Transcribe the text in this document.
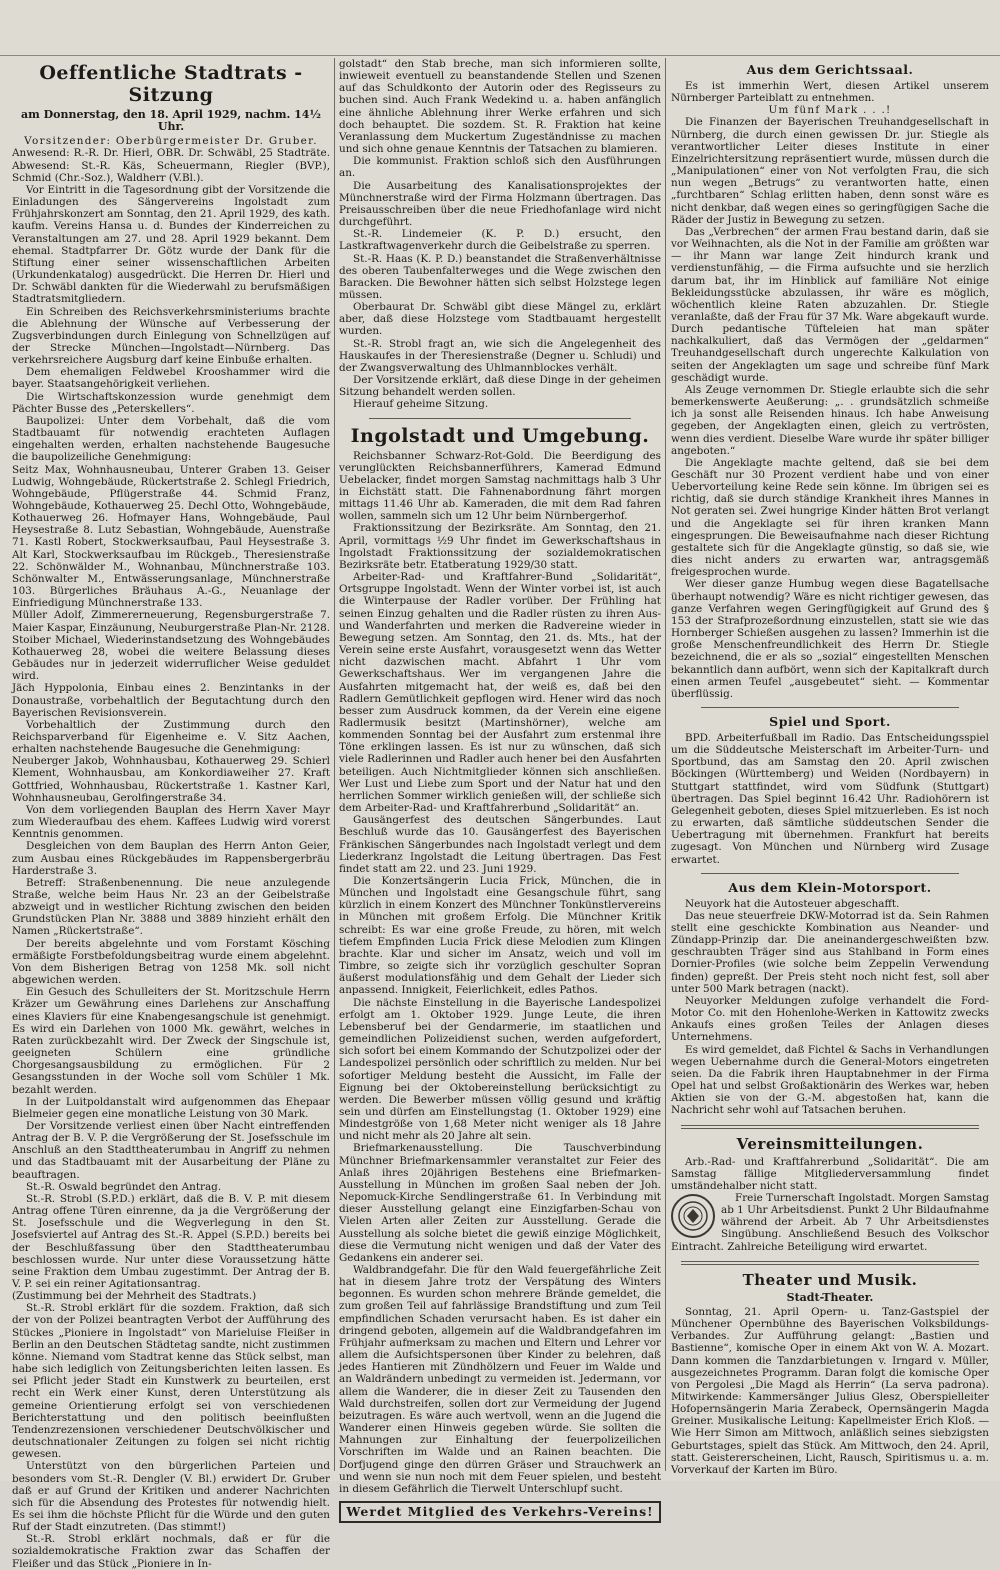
Oeffentliche Stadtrats - Sitzung
am Donnerstag, den 18. April 1929, nachm. 14½ Uhr.

Vorsitzender: Oberbürgermeister Dr. Gruber.

Anwesend: R.-R. Dr. Hierl, OBR. Dr. Schwäbl, 25 Stadträte. Abwesend: St.-R. Käs, Scheuermann, Riegler (BVP.), Schmid (Chr.-Soz.), Waldherr (V.Bl.).

Vor Eintritt in die Tagesordnung gibt der Vorsitzende die Einladungen des Sängervereins Ingolstadt zum Frühjahrskonzert am Sonntag, den 21. April 1929, des kath. kaufm. Vereins Hansa u. d. Bundes der Kinderreichen zu Veranstaltungen am 27. und 28. April 1929 bekannt. Dem ehemal. Stadtpfarrer Dr. Götz wurde der Dank für die Stiftung einer seiner wissenschaftlichen Arbeiten (Urkundenkatalog) ausgedrückt. Die Herren Dr. Hierl und Dr. Schwäbl dankten für die Wiederwahl zu berufsmäßigen Stadtratsmitgliedern.

Ein Schreiben des Reichsverkehrsministeriums brachte die Ablehnung der Wünsche auf Verbesserung der Zugsverbindungen durch Einlegung von Schnellzügen auf der Strecke München—Ingolstadt—Nürnberg. Das verkehrsreichere Augsburg darf keine Einbuße erhalten.

Dem ehemaligen Feldwebel Krooshammer wird die bayer. Staatsangehörigkeit verliehen.

Die Wirtschaftskonzession wurde genehmigt dem Pächter Busse des „Peterskellers“.

Baupolizei: Unter dem Vorbehalt, daß die vom Stadtbauamt für notwendig erachteten Auflagen eingehalten werden, erhalten nachstehende Baugesuche die baupolizeiliche Genehmigung:

Seitz Max, Wohnhausneubau, Unterer Graben 13. Geiser Ludwig, Wohngebäude, Rückertstraße 2. Schlegl Friedrich, Wohngebäude, Pflügerstraße 44. Schmid Franz, Wohngebäude, Kothauerweg 25. Dechl Otto, Wohngebäude, Kothauerweg 26. Hofmayer Hans, Wohngebäude, Paul Heysestraße 8. Lutz Sebastian, Wohngebäude, Auenstraße 71. Kastl Robert, Stockwerksaufbau, Paul Heysestraße 3. Alt Karl, Stockwerksaufbau im Rückgeb., Theresienstraße 22. Schönwälder M., Wohnanbau, Münchnerstraße 103. Schönwalter M., Entwässerungsanlage, Münchnerstraße 103. Bürgerliches Bräuhaus A.-G., Neuanlage der Einfriedigung Münchnerstraße 133.

Müller Adolf, Zimmererneuerung, Regensburgerstraße 7. Maier Kaspar, Einzäunung, Neuburgerstraße Plan-Nr. 2128. Stoiber Michael, Wiederinstandsetzung des Wohngebäudes Kothauerweg 28, wobei die weitere Belassung dieses Gebäudes nur in jederzeit widerruflicher Weise geduldet wird.

Jäch Hyppolonia, Einbau eines 2. Benzintanks in der Donaustraße, vorbehaltlich der Begutachtung durch den Bayerischen Revisionsverein.

Vorbehaltlich der Zustimmung durch den Reichsparverband für Eigenheime e. V. Sitz Aachen, erhalten nachstehende Baugesuche die Genehmigung:

Neuberger Jakob, Wohnhausbau, Kothauerweg 29. Schierl Klement, Wohnhausbau, am Konkordiaweiher 27. Kraft Gottfried, Wohnhausbau, Rückertstraße 1. Kastner Karl, Wohnhausneubau, Gerolfingerstraße 34.

Von dem vorliegenden Bauplan des Herrn Xaver Mayr zum Wiederaufbau des ehem. Kaffees Ludwig wird vorerst Kenntnis genommen.

Desgleichen von dem Bauplan des Herrn Anton Geier, zum Ausbau eines Rückgebäudes im Rappensbergerbräu Harderstraße 3.

Betreff: Straßenbenennung. Die neue anzulegende Straße, welche beim Haus Nr. 23 an der Geibelstraße abzweigt und in westlicher Richtung zwischen den beiden Grundstücken Plan Nr. 3888 und 3889 hinzieht erhält den Namen „Rückertstraße“.

Der bereits abgelehnte und vom Forstamt Kösching ermäßigte Forstbefoldungsbeitrag wurde einem abgelehnt. Von dem Bisherigen Betrag von 1258 Mk. soll nicht abgewichen werden.

Ein Gesuch des Schulleiters der St. Moritzschule Herrn Kräzer um Gewährung eines Darlehens zur Anschaffung eines Klaviers für eine Knabengesangschule ist genehmigt. Es wird ein Darlehen von 1000 Mk. gewährt, welches in Raten zurückbezahlt wird. Der Zweck der Singschule ist, geeigneten Schülern eine gründliche Chorgesangsausbildung zu ermöglichen. Für 2 Gesangsstunden in der Woche soll vom Schüler 1 Mk. bezahlt werden.

In der Luitpoldanstalt wird aufgenommen das Ehepaar Bielmeier gegen eine monatliche Leistung von 30 Mark.

Der Vorsitzende verliest einen über Nacht eintreffenden Antrag der B. V. P. die Vergrößerung der St. Josefsschule im Anschluß an den Stadttheaterumbau in Angriff zu nehmen und das Stadtbauamt mit der Ausarbeitung der Pläne zu beauftragen.

St.-R. Oswald begründet den Antrag.

St.-R. Strobl (S.P.D.) erklärt, daß die B. V. P. mit diesem Antrag offene Türen einrenne, da ja die Vergrößerung der St. Josefsschule und die Wegverlegung in den St. Josefsviertel auf Antrag des St.-R. Appel (S.P.D.) bereits bei der Beschlußfassung über den Stadttheaterumbau beschlossen wurde. Nur unter diese Voraussetzung hätte seine Fraktion dem Umbau zugestimmt. Der Antrag der B. V. P. sei ein reiner Agitationsantrag.

(Zustimmung bei der Mehrheit des Stadtrats.)

St.-R. Strobl erklärt für die sozdem. Fraktion, daß sich der von der Polizei beantragten Verbot der Aufführung des Stückes „Pioniere in Ingolstadt“ von Marieluise Fleißer in Berlin an den Deutschen Städtetag sandte, nicht zustimmen könne. Niemand vom Stadtrat kenne das Stück selbst, man habe sich lediglich von Zeitungsberichten leiten lassen. Es sei Pflicht jeder Stadt ein Kunstwerk zu beurteilen, erst recht ein Werk einer Kunst, deren Unterstützung als gemeine Orientierung erfolgt sei von verschiedenen Berichterstattung und den politisch beeinflußten Tendenzrezensionen verschiedener Deutschvölkischer und deutschnationaler Zeitungen zu folgen sei nicht richtig gewesen.

Unterstützt von den bürgerlichen Parteien und besonders vom St.-R. Dengler (V. Bl.) erwidert Dr. Gruber daß er auf Grund der Kritiken und anderer Nachrichten sich für die Absendung des Protestes für notwendig hielt. Es sei ihm die höchste Pflicht für die Würde und den guten Ruf der Stadt einzutreten. (Das stimmt!)

St.-R. Strobl erklärt nochmals, daß er für die sozialdemokratische Fraktion zwar das Schaffen der Fleißer und das Stück „Pioniere in In-

golstadt“ den Stab breche, man sich informieren sollte, inwieweit eventuell zu beanstandende Stellen und Szenen auf das Schuldkonto der Autorin oder des Regisseurs zu buchen sind. Auch Frank Wedekind u. a. haben anfänglich eine ähnliche Ablehnung ihrer Werke erfahren und sich doch behauptet. Die sozdem. St. R. Fraktion hat keine Veranlassung dem Muckertum Zugeständnisse zu machen und sich ohne genaue Kenntnis der Tatsachen zu blamieren.

Die kommunist. Fraktion schloß sich den Ausführungen an.

Die Ausarbeitung des Kanalisationsprojektes der Münchnerstraße wird der Firma Holzmann übertragen. Das Preisausschreiben über die neue Friedhofanlage wird nicht durchgeführt.

St.-R. Lindemeier (K. P. D.) ersucht, den Lastkraftwagenverkehr durch die Geibelstraße zu sperren.

St.-R. Haas (K. P. D.) beanstandet die Straßenverhältnisse des oberen Taubenfalterweges und die Wege zwischen den Baracken. Die Bewohner hätten sich selbst Holzstege legen müssen.

Oberbaurat Dr. Schwäbl gibt diese Mängel zu, erklärt aber, daß diese Holzstege vom Stadtbauamt hergestellt wurden.

St.-R. Strobl fragt an, wie sich die Angelegenheit des Hauskaufes in der Theresienstraße (Degner u. Schludi) und der Zwangsverwaltung des Uhlmannblockes verhält.

Der Vorsitzende erklärt, daß diese Dinge in der geheimen Sitzung behandelt werden sollen.

Hierauf geheime Sitzung.

Ingolstadt und Umgebung.

Reichsbanner Schwarz-Rot-Gold. Die Beerdigung des verunglückten Reichsbannerführers, Kamerad Edmund Uebelacker, findet morgen Samstag nachmittags halb 3 Uhr in Eichstätt statt. Die Fahnenabordnung fährt morgen mittags 11.46 Uhr ab. Kameraden, die mit dem Rad fahren wollen, sammeln sich um 12 Uhr beim Nürnbergerhof.

Fraktionssitzung der Bezirksräte. Am Sonntag, den 21. April, vormittags ½9 Uhr findet im Gewerkschaftshaus in Ingolstadt Fraktionssitzung der sozialdemokratischen Bezirksräte betr. Etatberatung 1929/30 statt.

Arbeiter-Rad- und Kraftfahrer-Bund „Solidarität“, Ortsgruppe Ingolstadt. Wenn der Winter vorbei ist, ist auch die Winterpause der Radler vorüber. Der Frühling hat seinen Einzug gehalten und die Radler rüsten zu ihren Aus- und Wanderfahrten und merken die Radvereine wieder in Bewegung setzen. Am Sonntag, den 21. ds. Mts., hat der Verein seine erste Ausfahrt, vorausgesetzt wenn das Wetter nicht dazwischen macht. Abfahrt 1 Uhr vom Gewerkschaftshaus. Wer im vergangenen Jahre die Ausfahrten mitgemacht hat, der weiß es, daß bei den Radlern Gemütlichkeit gepflogen wird. Hener wird das noch besser zum Ausdruck kommen, da der Verein eine eigene Radlermusik besitzt (Martinshörner), welche am kommenden Sonntag bei der Ausfahrt zum erstenmal ihre Töne erklingen lassen. Es ist nur zu wünschen, daß sich viele Radlerinnen und Radler auch hener bei den Ausfahrten beteiligen. Auch Nichtmitglieder können sich anschließen. Wer Lust und Liebe zum Sport und der Natur hat und den herrlichen Sommer wirklich genießen will, der schließe sich dem Arbeiter-Rad- und Kraftfahrerbund „Solidarität“ an.

Gausängerfest des deutschen Sängerbundes. Laut Beschluß wurde das 10. Gausängerfest des Bayerischen Fränkischen Sängerbundes nach Ingolstadt verlegt und dem Liederkranz Ingolstadt die Leitung übertragen. Das Fest findet statt am 22. und 23. Juni 1929.

Die Konzertsängerin Lucia Frick, München, die in München und Ingolstadt eine Gesangschule führt, sang kürzlich in einem Konzert des Münchner Tonkünstlervereins in München mit großem Erfolg. Die Münchner Kritik schreibt: Es war eine große Freude, zu hören, mit welch tiefem Empfinden Lucia Frick diese Melodien zum Klingen brachte. Klar und sicher im Ansatz, weich und voll im Timbre, so zeigte sich ihr vorzüglich geschulter Sopran äußerst modulationsfähig und dem Gehalt der Lieder sich anpassend. Innigkeit, Feierlichkeit, edles Pathos.

Die nächste Einstellung in die Bayerische Landespolizei erfolgt am 1. Oktober 1929. Junge Leute, die ihren Lebensberuf bei der Gendarmerie, im staatlichen und gemeindlichen Polizeidienst suchen, werden aufgefordert, sich sofort bei einem Kommando der Schutzpolizei oder der Landespolizei persönlich oder schriftlich zu melden. Nur bei sofortiger Meldung besteht die Aussicht, im Falle der Eignung bei der Oktobereinstellung berücksichtigt zu werden. Die Bewerber müssen völlig gesund und kräftig sein und dürfen am Einstellungstag (1. Oktober 1929) eine Mindestgröße von 1,68 Meter nicht weniger als 18 Jahre und nicht mehr als 20 Jahre alt sein.

Briefmarkenausstellung. Die Tauschverbindung Münchner Briefmarkensammler veranstaltet zur Feier des Anlaß ihres 20jährigen Bestehens eine Briefmarken-Ausstellung in München im großen Saal neben der Joh. Nepomuck-Kirche Sendlingerstraße 61. In Verbindung mit dieser Ausstellung gelangt eine Einzigfarben-Schau von Vielen Arten aller Zeiten zur Ausstellung. Gerade die Ausstellung als solche bietet die gewiß einzige Möglichkeit, diese die Vermutung nicht wenigen und daß der Vater des Gedankens ein anderer sei.

Waldbrandgefahr. Die für den Wald feuergefährliche Zeit hat in diesem Jahre trotz der Verspätung des Winters begonnen. Es wurden schon mehrere Brände gemeldet, die zum großen Teil auf fahrlässige Brandstiftung und zum Teil empfindlichen Schaden verursacht haben. Es ist daher ein dringend geboten, allgemein auf die Waldbrandgefahren im Frühjahr aufmerksam zu machen und Eltern und Lehrer vor allem die Aufsichtspersonen über Kinder zu belehren, daß jedes Hantieren mit Zündhölzern und Feuer im Walde und an Waldrändern unbedingt zu vermeiden ist. Jedermann, vor allem die Wanderer, die in dieser Zeit zu Tausenden den Wald durchstreifen, sollen dort zur Vermeidung der Jugend beizutragen. Es wäre auch wertvoll, wenn an die Jugend die Wanderer einen Hinweis gegeben würde. Sie sollten die Mahnungen zur Einhaltung der feuerpolizeilichen Vorschriften im Walde und an Rainen beachten. Die Dorfjugend ginge den dürren Gräser und Strauchwerk an und wenn sie nun noch mit dem Feuer spielen, und besteht in diesem Gefährlich die Tierwelt Unterschlupf sucht.

Werdet Mitglied des Verkehrs-Vereins!
Aus dem Gerichtssaal.

Es ist immerhin Wert, diesen Artikel unserem Nürnberger Parteiblatt zu entnehmen.

Um fünf Mark . . .!

Die Finanzen der Bayerischen Treuhandgesellschaft in Nürnberg, die durch einen gewissen Dr. jur. Stiegle als verantwortlicher Leiter dieses Institute in einer Einzelrichtersitzung repräsentiert wurde, müssen durch die „Manipulationen“ einer von Not verfolgten Frau, die sich nun wegen „Betrugs“ zu verantworten hatte, einen „furchtbaren“ Schlag erlitten haben, denn sonst wäre es nicht denkbar, daß wegen eines so geringfügigen Sache die Räder der Justiz in Bewegung zu setzen.

Das „Verbrechen“ der armen Frau bestand darin, daß sie vor Weihnachten, als die Not in der Familie am größten war — ihr Mann war lange Zeit hindurch krank und verdienstunfähig, — die Firma aufsuchte und sie herzlich darum bat, ihr im Hinblick auf familiäre Not einige Bekleidungsstücke abzulassen, ihr wäre es möglich, wöchentlich kleine Raten abzuzahlen. Dr. Stiegle veranlaßte, daß der Frau für 37 Mk. Ware abgekauft wurde. Durch pedantische Tüfteleien hat man später nachkalkuliert, daß das Vermögen der „geldarmen“ Treuhandgesellschaft durch ungerechte Kalkulation von seiten der Angeklagten um sage und schreibe fünf Mark geschädigt wurde.

Als Zeuge vernommen Dr. Stiegle erlaubte sich die sehr bemerkenswerte Aeußerung: „. . grundsätzlich schmeiße ich ja sonst alle Reisenden hinaus. Ich habe Anweisung gegeben, der Angeklagten einen, gleich zu vertrösten, wenn dies verdient. Dieselbe Ware wurde ihr später billiger angeboten.“

Die Angeklagte machte geltend, daß sie bei dem Geschäft nur 30 Prozent verdient habe und von einer Uebervorteilung keine Rede sein könne. Im übrigen sei es richtig, daß sie durch ständige Krankheit ihres Mannes in Not geraten sei. Zwei hungrige Kinder hätten Brot verlangt und die Angeklagte sei für ihren kranken Mann eingesprungen. Die Beweisaufnahme nach dieser Richtung gestaltete sich für die Angeklagte günstig, so daß sie, wie dies nicht anders zu erwarten war, antragsgemäß freigesprochen wurde.

Wer dieser ganze Humbug wegen diese Bagatellsache überhaupt notwendig? Wäre es nicht richtiger gewesen, das ganze Verfahren wegen Geringfügigkeit auf Grund des § 153 der Strafprozeßordnung einzustellen, statt sie wie das Hornberger Schießen ausgehen zu lassen? Immerhin ist die große Menschenfreundlichkeit des Herrn Dr. Stiegle bezeichnend, die er als so „sozial“ eingestellten Menschen bekanntlich dann aufbört, wenn sich der Kapitalkraft durch einen armen Teufel „ausgebeutet“ sieht. — Kommentar überflüssig.

Spiel und Sport.

BPD. Arbeiterfußball im Radio. Das Entscheidungsspiel um die Süddeutsche Meisterschaft im Arbeiter-Turn- und Sportbund, das am Samstag den 20. April zwischen Böckingen (Württemberg) und Weiden (Nordbayern) in Stuttgart stattfindet, wird vom Südfunk (Stuttgart) übertragen. Das Spiel beginnt 16.42 Uhr. Radiohörern ist Gelegenheit geboten, dieses Spiel mitzuerleben. Es ist noch zu erwarten, daß sämtliche süddeutschen Sender die Uebertragung mit übernehmen. Frankfurt hat bereits zugesagt. Von München und Nürnberg wird Zusage erwartet.

Aus dem Klein-Motorsport.

Neuyork hat die Autosteuer abgeschafft.

Das neue steuerfreie DKW-Motorrad ist da. Sein Rahmen stellt eine geschickte Kombination aus Neander- und Zündapp-Prinzip dar. Die aneinandergeschweißten bzw. geschraubten Träger sind aus Stahlband in Form eines Dornier-Profiles (wie solche beim Zeppelin Verwendung finden) gepreßt. Der Preis steht noch nicht fest, soll aber unter 500 Mark betragen (nackt).

Neuyorker Meldungen zufolge verhandelt die Ford-Motor Co. mit den Hohenlohe-Werken in Kattowitz zwecks Ankaufs eines großen Teiles der Anlagen dieses Unternehmens.

Es wird gemeldet, daß Fichtel & Sachs in Verhandlungen wegen Uebernahme durch die General-Motors eingetreten seien. Da die Fabrik ihren Hauptabnehmer in der Firma Opel hat und selbst Großaktionärin des Werkes war, heben Aktien sie von der G.-M. abgestoßen hat, kann die Nachricht sehr wohl auf Tatsachen beruhen.

Vereinsmitteilungen.

Arb.-Rad- und Kraftfahrerbund „Solidarität“. Die am Samstag fällige Mitgliederversammlung findet umständehalber nicht statt.

Freie Turnerschaft Ingolstadt. Morgen Samstag ab 1 Uhr Arbeitsdienst. Punkt 2 Uhr Bildaufnahme während der Arbeit. Ab 7 Uhr Arbeitsdienstes Singübung. Anschließend Besuch des Volkschor Eintracht. Zahlreiche Beteiligung wird erwartet.

Theater und Musik.
Stadt-Theater.

Sonntag, 21. April Opern- u. Tanz-Gastspiel der Münchener Opernbühne des Bayerischen Volksbildungs-Verbandes. Zur Aufführung gelangt: „Bastien und Bastienne“, komische Oper in einem Akt von W. A. Mozart. Dann kommen die Tanzdarbietungen v. Irngard v. Müller, ausgezeichnetes Programm. Daran folgt die komische Oper von Pergolesi „Die Magd als Herrin“ (La serva padrona). Mitwirkende: Kammersänger Julius Glesz, Oberspielleiter Hofopernsängerin Maria Zerabeck, Opernsängerin Magda Greiner. Musikalische Leitung: Kapellmeister Erich Kloß. — Wie Herr Simon am Mittwoch, anläßlich seines siebzigsten Geburtstages, spielt das Stück. Am Mittwoch, den 24. April, statt. Geistererscheinen, Licht, Rausch, Spiritismus u. a. m. Vorverkauf der Karten im Büro.
